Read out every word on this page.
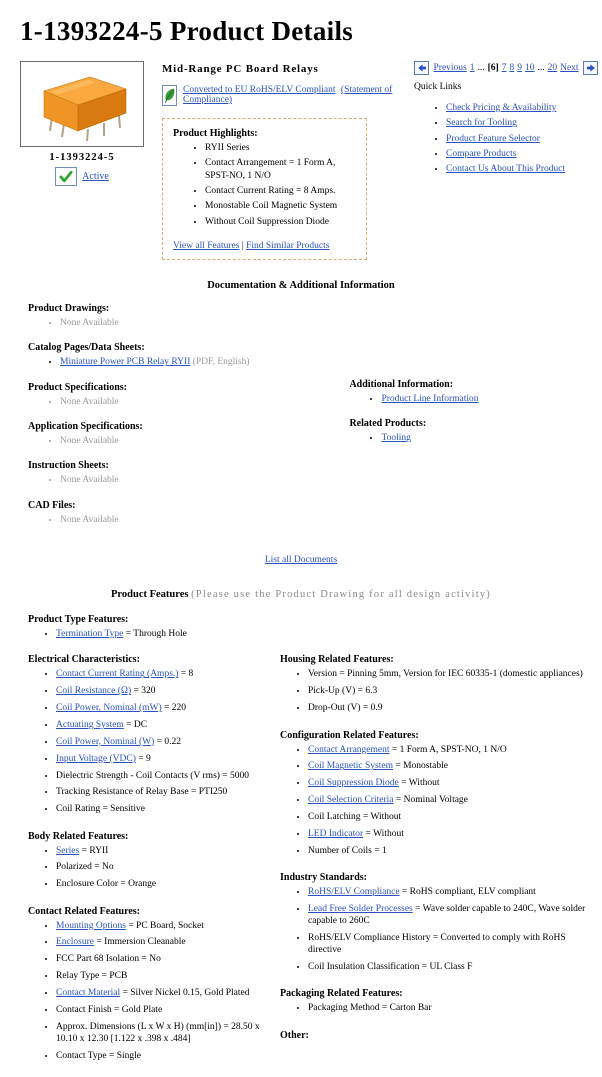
1-1393224-5 Product Details
1-1393224-5
Active
Mid-Range PC Board Relays
Converted to EU RoHS/ELV Compliant (Statement of Compliance)
Product Highlights:
• RYII Series
• Contact Arrangement = 1 Form A, SPST-NO, 1 N/O
• Contact Current Rating = 8 Amps.
• Monostable Coil Magnetic System
• Without Coil Suppression Diode
View all Features | Find Similar Products
Previous 1 ... [6] 7 8 9 10 ... 20 Next
Quick Links
• Check Pricing & Availability
• Search for Tooling
• Product Feature Selector
• Compare Products
• Contact Us About This Product
Documentation & Additional Information
Product Drawings:
• None Available
Catalog Pages/Data Sheets:
• Miniature Power PCB Relay RYII (PDF, English)
Product Specifications:
• None Available
Application Specifications:
• None Available
Instruction Sheets:
• None Available
CAD Files:
• None Available
Additional Information:
• Product Line Information
Related Products:
• Tooling
List all Documents
Product Features (Please use the Product Drawing for all design activity)
Product Type Features:
• Termination Type = Through Hole
Electrical Characteristics:
• Contact Current Rating (Amps.) = 8
• Coil Resistance (Ω) = 320
• Coil Power, Nominal (mW) = 220
• Actuating System = DC
• Coil Power, Nominal (W) = 0.22
• Input Voltage (VDC) = 9
• Dielectric Strength - Coil Contacts (V rms) = 5000
• Tracking Resistance of Relay Base = PTI250
• Coil Rating = Sensitive
Body Related Features:
• Series = RYII
• Polarized = No
• Enclosure Color = Orange
Contact Related Features:
• Mounting Options = PC Board, Socket
• Enclosure = Immersion Cleanable
• FCC Part 68 Isolation = No
• Relay Type = PCB
• Contact Material = Silver Nickel 0.15, Gold Plated
• Contact Finish = Gold Plate
• Approx. Dimensions (L x W x H) (mm[in]) = 28.50 x 10.10 x 12.30 [1.122 x .398 x .484]
• Contact Type = Single
Housing Related Features:
• Version = Pinning 5mm, Version for IEC 60335-1 (domestic appliances)
• Pick-Up (V) = 6.3
• Drop-Out (V) = 0.9
Configuration Related Features:
• Contact Arrangement = 1 Form A, SPST-NO, 1 N/O
• Coil Magnetic System = Monostable
• Coil Suppression Diode = Without
• Coil Selection Criteria = Nominal Voltage
• Coil Latching = Without
• LED Indicator = Without
• Number of Coils = 1
Industry Standards:
• RoHS/ELV Compliance = RoHS compliant, ELV compliant
• Lead Free Solder Processes = Wave solder capable to 240C, Wave solder capable to 260C
• RoHS/ELV Compliance History = Converted to comply with RoHS directive
• Coil Insulation Classification = UL Class F
Packaging Related Features:
• Packaging Method = Carton Bar
Other:
